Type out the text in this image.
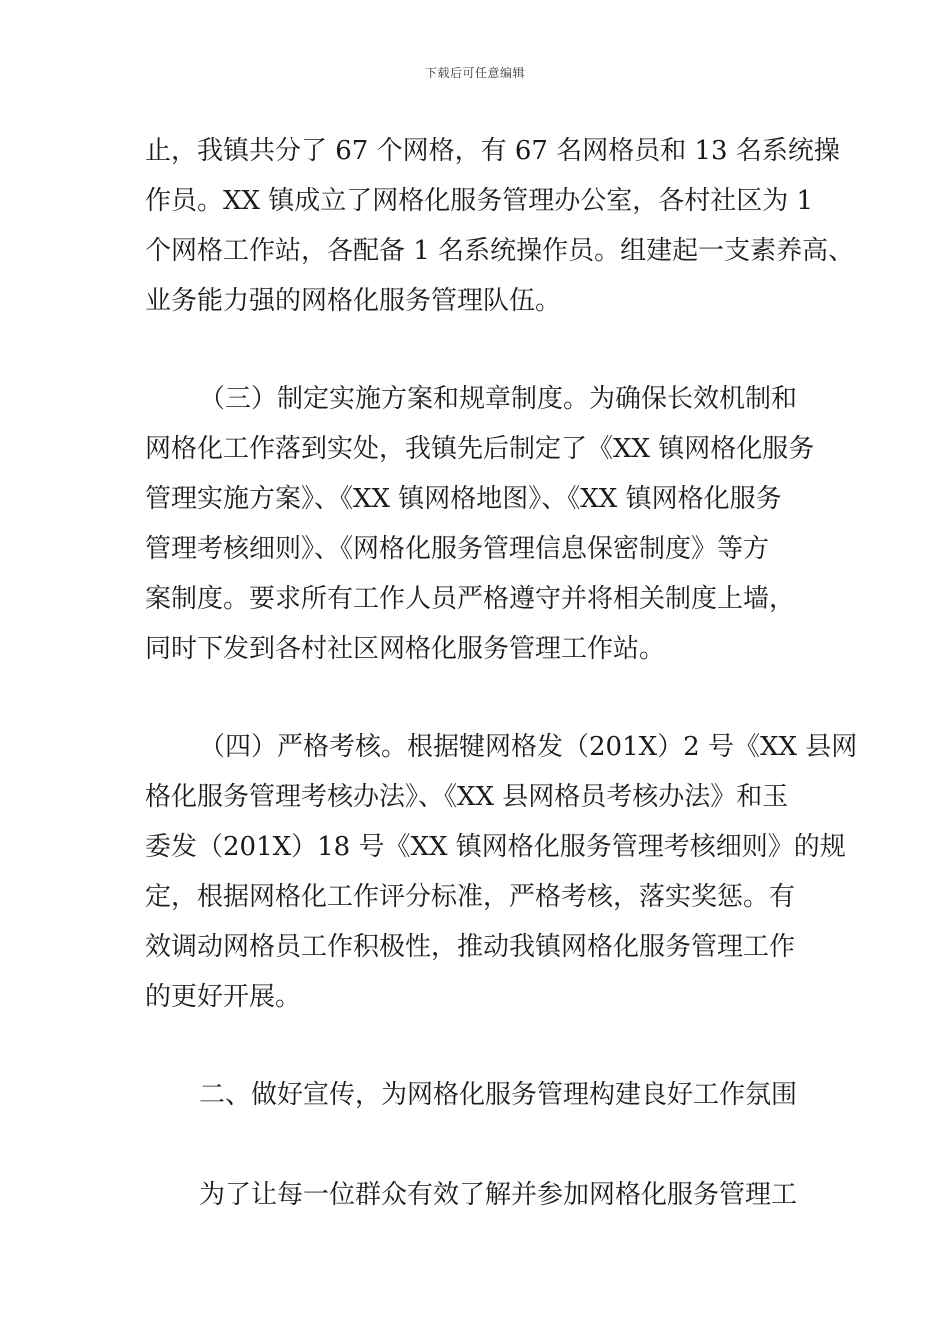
下载后可任意编辑
止，我镇共分了 67 个网格，有 67 名网格员和 13 名系统操
作员。XX 镇成立了网格化服务管理办公室，各村社区为 1
个网格工作站，各配备 1 名系统操作员。组建起一支素养高、
业务能力强的网格化服务管理队伍。
（三）制定实施方案和规章制度。为确保长效机制和
网格化工作落到实处，我镇先后制定了《XX 镇网格化服务
管理实施方案》、《XX 镇网格地图》、《XX 镇网格化服务
管理考核细则》、《网格化服务管理信息保密制度》等方
案制度。要求所有工作人员严格遵守并将相关制度上墙，
同时下发到各村社区网格化服务管理工作站。
（四）严格考核。根据犍网格发（201X）2 号《XX 县网
格化服务管理考核办法》、《XX 县网格员考核办法》和玉
委发（201X）18 号《XX 镇网格化服务管理考核细则》的规
定，根据网格化工作评分标准，严格考核，落实奖惩。有
效调动网格员工作积极性，推动我镇网格化服务管理工作
的更好开展。
二、做好宣传，为网格化服务管理构建良好工作氛围
为了让每一位群众有效了解并参加网格化服务管理工
